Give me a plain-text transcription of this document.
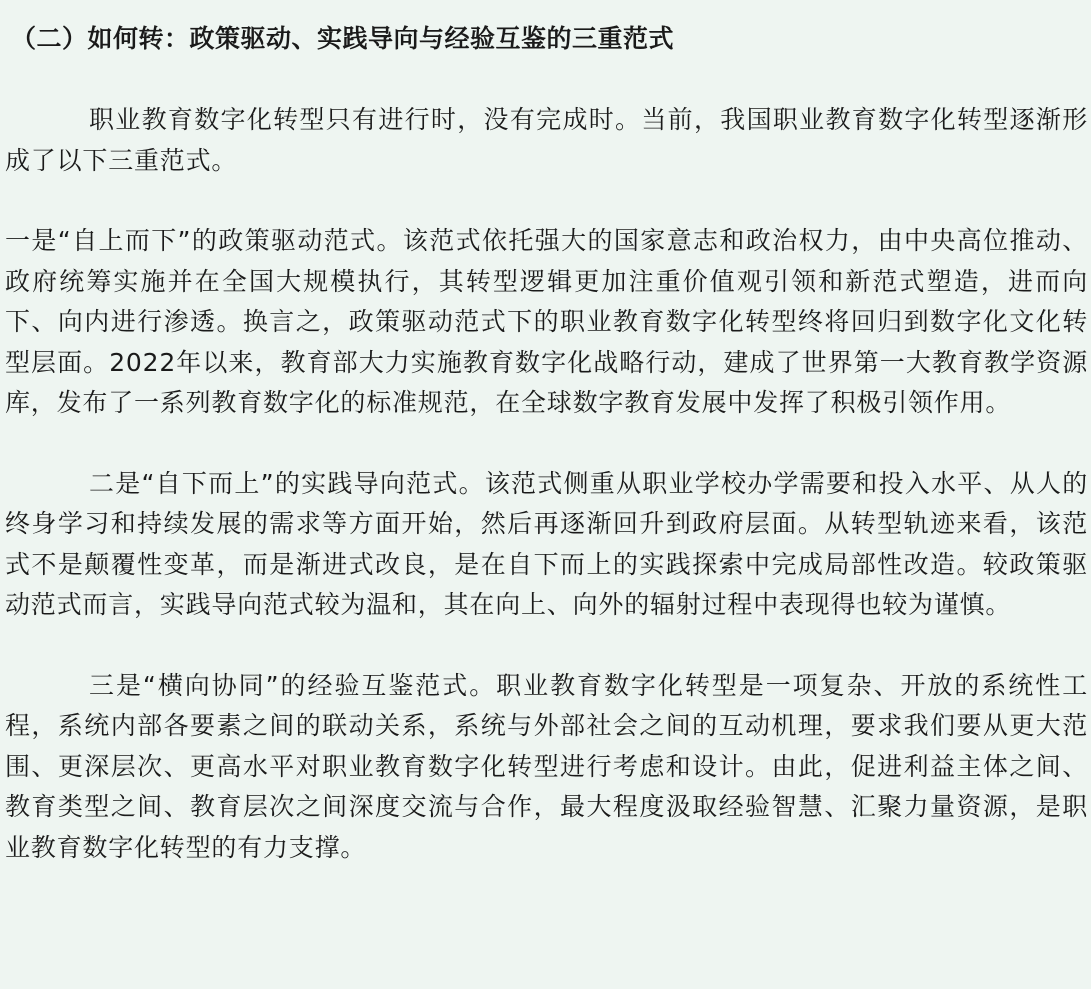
（二）如何转：政策驱动、实践导向与经验互鉴的三重范式

职业教育数字化转型只有进行时，没有完成时。当前，我国职业教育数字化转型逐渐形成了以下三重范式。

一是“自上而下”的政策驱动范式。该范式依托强大的国家意志和政治权力，由中央高位推动、政府统筹实施并在全国大规模执行，其转型逻辑更加注重价值观引领和新范式塑造，进而向下、向内进行渗透。换言之，政策驱动范式下的职业教育数字化转型终将回归到数字化文化转型层面。2022年以来，教育部大力实施教育数字化战略行动，建成了世界第一大教育教学资源库，发布了一系列教育数字化的标准规范，在全球数字教育发展中发挥了积极引领作用。

二是“自下而上”的实践导向范式。该范式侧重从职业学校办学需要和投入水平、从人的终身学习和持续发展的需求等方面开始，然后再逐渐回升到政府层面。从转型轨迹来看，该范式不是颠覆性变革，而是渐进式改良，是在自下而上的实践探索中完成局部性改造。较政策驱动范式而言，实践导向范式较为温和，其在向上、向外的辐射过程中表现得也较为谨慎。

三是“横向协同”的经验互鉴范式。职业教育数字化转型是一项复杂、开放的系统性工程，系统内部各要素之间的联动关系，系统与外部社会之间的互动机理，要求我们要从更大范围、更深层次、更高水平对职业教育数字化转型进行考虑和设计。由此，促进利益主体之间、教育类型之间、教育层次之间深度交流与合作，最大程度汲取经验智慧、汇聚力量资源，是职业教育数字化转型的有力支撑。
